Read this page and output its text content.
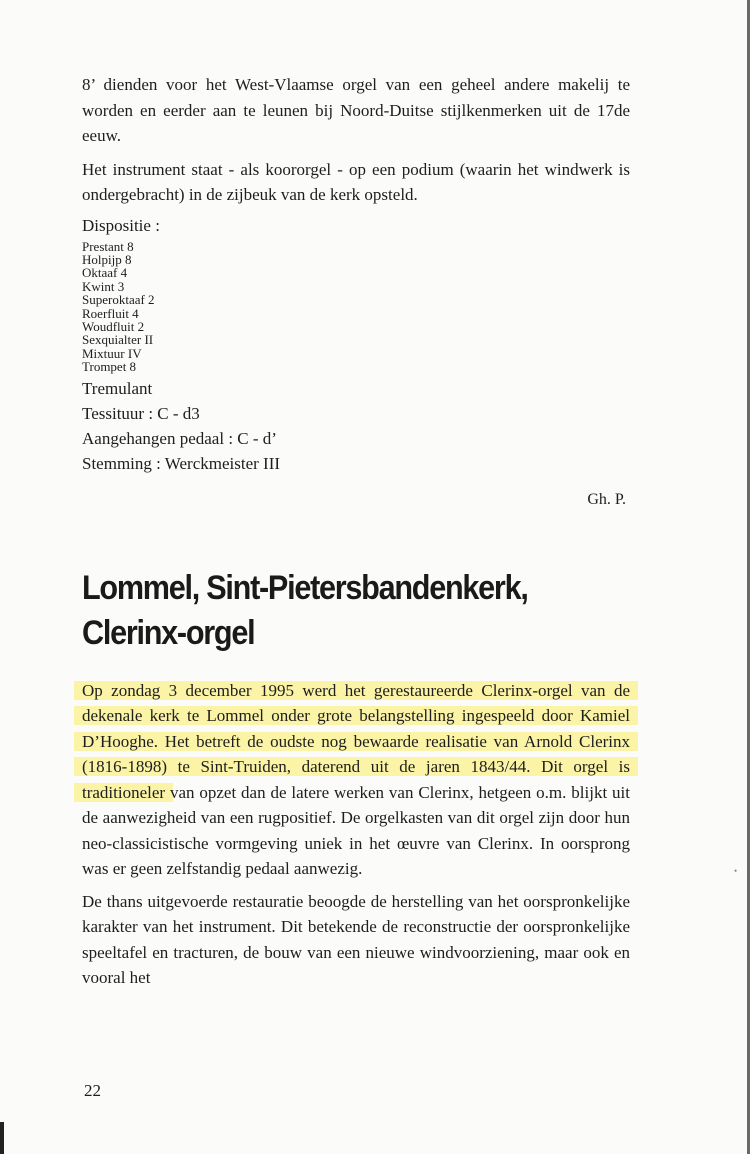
•

8’ dienden voor het West-Vlaamse orgel van een geheel andere makelij te worden en eerder aan te leunen bij Noord-Duitse stijlkenmerken uit de 17de eeuw.

Het instrument staat - als koororgel - op een podium (waarin het windwerk is ondergebracht) in de zijbeuk van de kerk opsteld.

Dispositie :
Prestant 8
Holpijp 8
Oktaaf 4
Kwint 3
Superoktaaf 2
Roerfluit 4
Woudfluit 2
Sexquialter II
Mixtuur IV
Trompet 8
Tremulant
Tessituur : C - d3
Aangehangen pedaal : C - d’
Stemming : Werckmeister III
Gh. P.
Lommel, Sint-Pietersbandenkerk,
Clerinx-orgel

Op zondag 3 december 1995 werd het gerestaureerde Clerinx-orgel van de dekenale kerk te Lommel onder grote belangstelling ingespeeld door Kamiel D’Hooghe. Het betreft de oudste nog bewaarde realisatie van Arnold Clerinx (1816-1898) te Sint-Truiden, daterend uit de jaren 1843/44. Dit orgel is traditioneler van opzet dan de latere werken van Clerinx, hetgeen o.m. blijkt uit de aanwezigheid van een rugpositief. De orgelkasten van dit orgel zijn door hun neo-classicistische vormgeving uniek in het œuvre van Clerinx. In oorsprong was er geen zelfstandig pedaal aanwezig.

De thans uitgevoerde restauratie beoogde de herstelling van het oorspronkelijke karakter van het instrument. Dit betekende de reconstructie der oorspronkelijke speeltafel en tracturen, de bouw van een nieuwe windvoorziening, maar ook en vooral het

22
